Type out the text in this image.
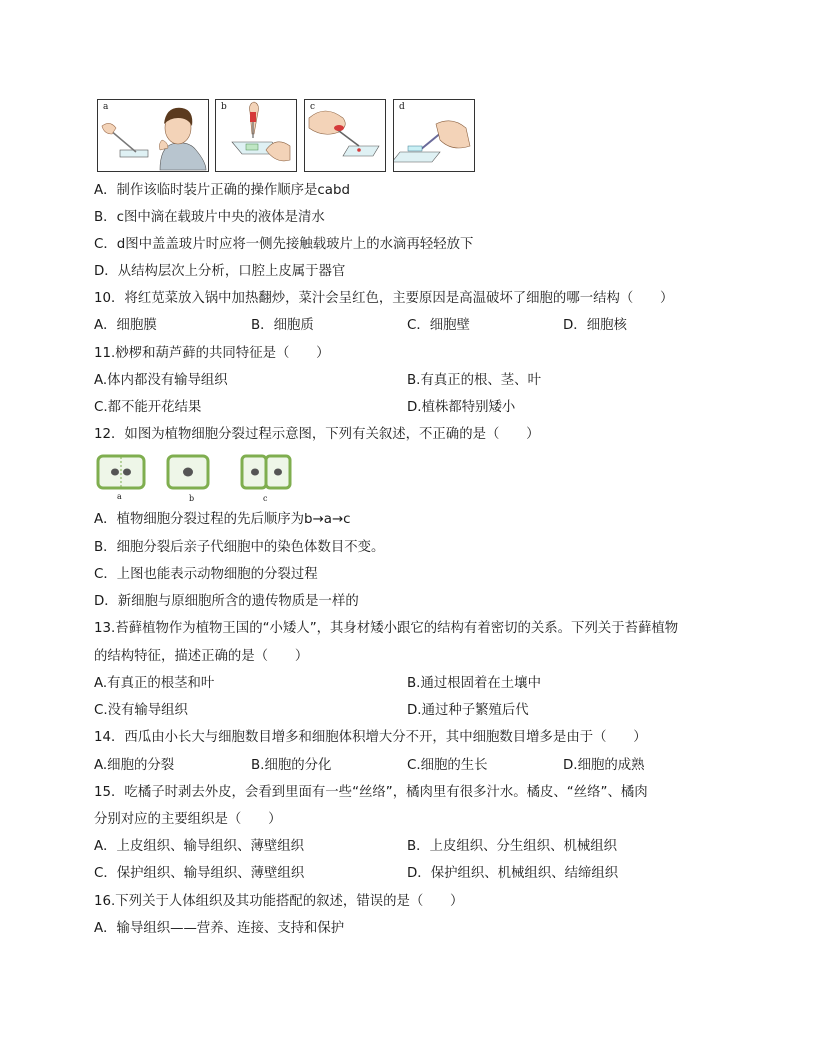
a	b	c	d
A．制作该临时装片正确的操作顺序是cabd
B．c图中滴在载玻片中央的液体是清水
C．d图中盖盖玻片时应将一侧先接触载玻片上的水滴再轻轻放下
D．从结构层次上分析，口腔上皮属于器官
10．将红苋菜放入锅中加热翻炒，菜汁会呈红色，主要原因是高温破坏了细胞的哪一结构（　　）
A．细胞膜	B．细胞质	C．细胞壁	D．细胞核
11.桫椤和葫芦藓的共同特征是（　　）
A.体内都没有输导组织	B.有真正的根、茎、叶
C.都不能开花结果	D.植株都特别矮小
12．如图为植物细胞分裂过程示意图，下列有关叙述，不正确的是（　　）
a	b	c
A．植物细胞分裂过程的先后顺序为b→a→c
B．细胞分裂后亲子代细胞中的染色体数目不变。
C．上图也能表示动物细胞的分裂过程
D．新细胞与原细胞所含的遗传物质是一样的
13.苔藓植物作为植物王国的“小矮人”，其身材矮小跟它的结构有着密切的关系。下列关于苔藓植物
的结构特征，描述正确的是（　　）
A.有真正的根茎和叶	B.通过根固着在土壤中
C.没有输导组织	D.通过种子繁殖后代
14．西瓜由小长大与细胞数目增多和细胞体积增大分不开，其中细胞数目增多是由于（　　）
A.细胞的分裂	B.细胞的分化	C.细胞的生长	D.细胞的成熟
15．吃橘子时剥去外皮，会看到里面有一些“丝络”，橘肉里有很多汁水。橘皮、“丝络”、橘肉
分别对应的主要组织是（　　）
A．上皮组织、输导组织、薄壁组织	B．上皮组织、分生组织、机械组织
C．保护组织、输导组织、薄壁组织	D．保护组织、机械组织、结缔组织
16.下列关于人体组织及其功能搭配的叙述，错误的是（　　）
A．输导组织——营养、连接、支持和保护
